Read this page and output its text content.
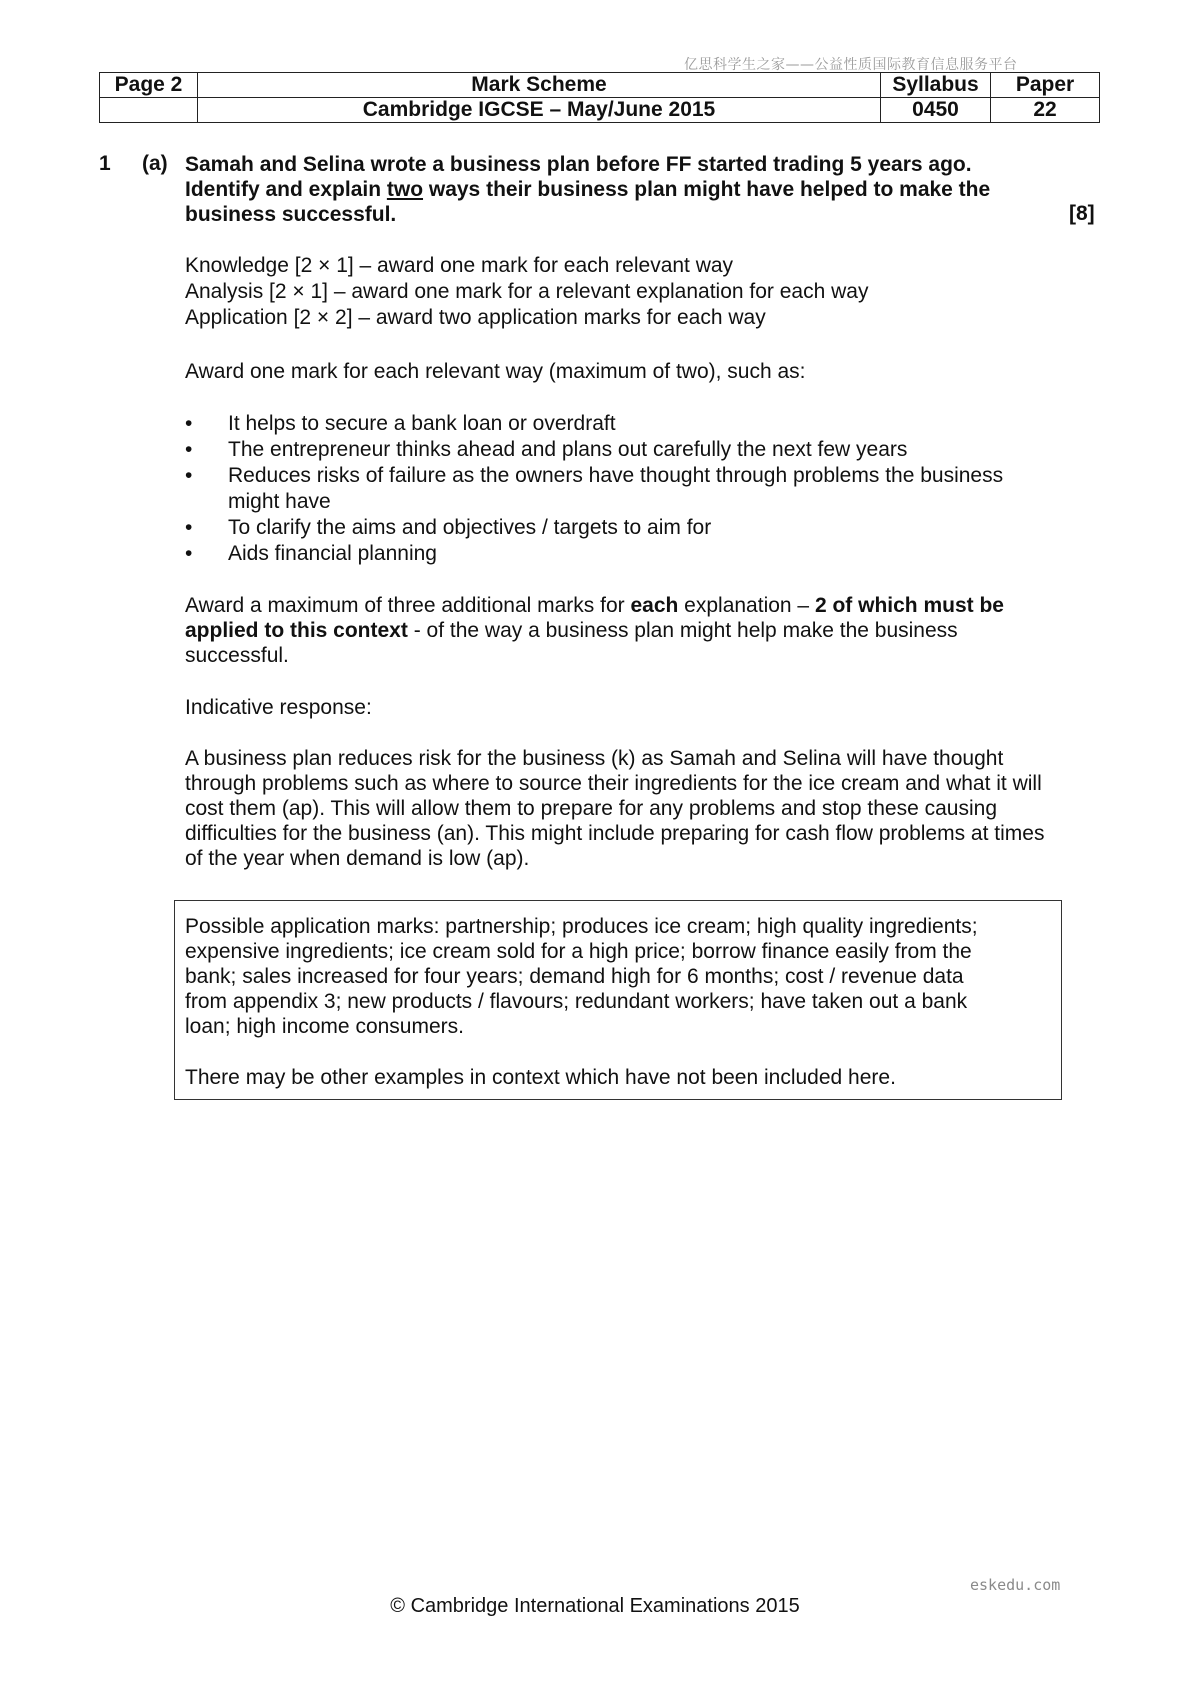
亿思科学生之家——公益性质国际教育信息服务平台
Page 2	Mark Scheme	Syllabus	Paper
	Cambridge IGCSE – May/June 2015	0450	22
1 (a) Samah and Selina wrote a business plan before FF started trading 5 years ago.
Identify and explain two ways their business plan might have helped to make the
business successful.	[8]
Knowledge [2 × 1] – award one mark for each relevant way
Analysis [2 × 1] – award one mark for a relevant explanation for each way
Application [2 × 2] – award two application marks for each way
Award one mark for each relevant way (maximum of two), such as:
• It helps to secure a bank loan or overdraft
• The entrepreneur thinks ahead and plans out carefully the next few years
• Reduces risks of failure as the owners have thought through problems the business
might have
• To clarify the aims and objectives / targets to aim for
• Aids financial planning
Award a maximum of three additional marks for each explanation – 2 of which must be
applied to this context - of the way a business plan might help make the business
successful.
Indicative response:
A business plan reduces risk for the business (k) as Samah and Selina will have thought
through problems such as where to source their ingredients for the ice cream and what it will
cost them (ap). This will allow them to prepare for any problems and stop these causing
difficulties for the business (an). This might include preparing for cash flow problems at times
of the year when demand is low (ap).
Possible application marks: partnership; produces ice cream; high quality ingredients;
expensive ingredients; ice cream sold for a high price; borrow finance easily from the
bank; sales increased for four years; demand high for 6 months; cost / revenue data
from appendix 3; new products / flavours; redundant workers; have taken out a bank
loan; high income consumers.
There may be other examples in context which have not been included here.
eskedu.com
© Cambridge International Examinations 2015
